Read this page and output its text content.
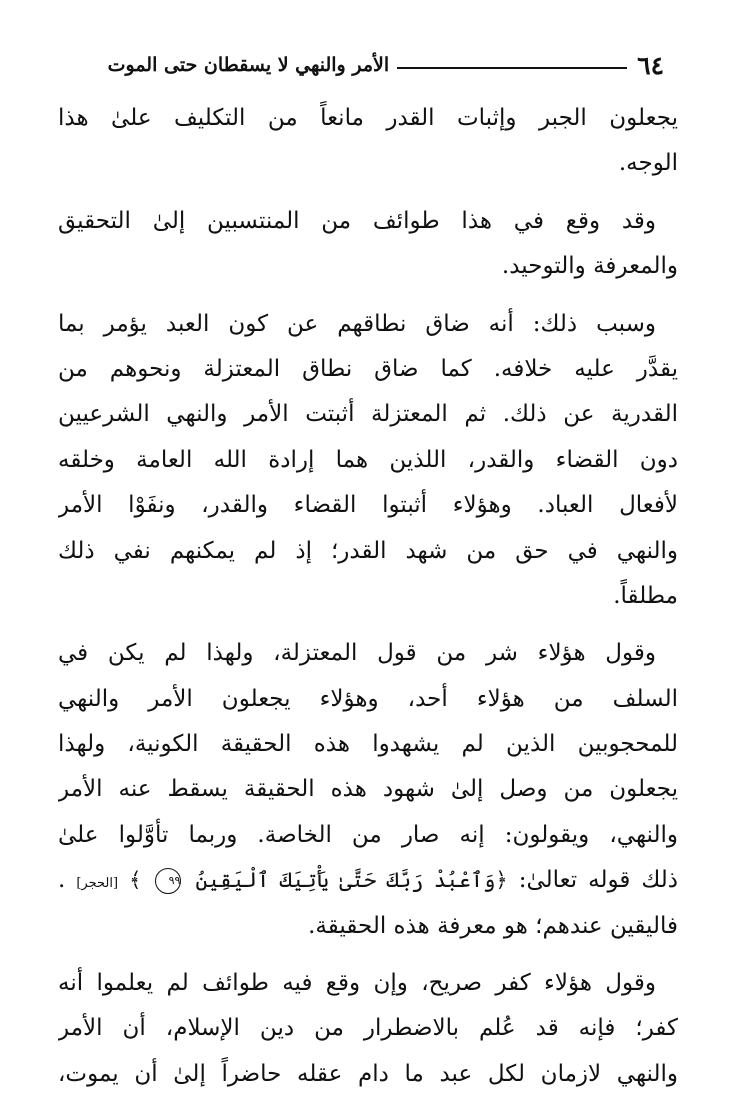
٦٤
الأمر والنهي لا يسقطان حتى الموت
يجعلون الجبر وإثبات القدر مانعاً من التكليف علىٰ هذا
الوجه.
وقد وقع في هذا طوائف من المنتسبين إلىٰ التحقيق
والمعرفة والتوحيد.
وسبب ذلك: أنه ضاق نطاقهم عن كون العبد يؤمر بما
يقدَّر عليه خلافه. كما ضاق نطاق المعتزلة ونحوهم من
القدرية عن ذلك. ثم المعتزلة أثبتت الأمر والنهي الشرعيين
دون القضاء والقدر، اللذين هما إرادة الله العامة وخلقه
لأفعال العباد. وهؤلاء أثبتوا القضاء والقدر، ونفَوْا الأمر
والنهي في حق من شهد القدر؛ إذ لم يمكنهم نفي ذلك
مطلقاً.
وقول هؤلاء شر من قول المعتزلة، ولهذا لم يكن في
السلف من هؤلاء أحد، وهؤلاء يجعلون الأمر والنهي
للمحجوبين الذين لم يشهدوا هذه الحقيقة الكونية، ولهذا
يجعلون من وصل إلىٰ شهود هذه الحقيقة يسقط عنه الأمر
والنهي، ويقولون: إنه صار من الخاصة. وربما تأوَّلوا علىٰ
ذلك قوله تعالىٰ: ﴿وَٱعْبُدْ رَبَّكَ حَتَّىٰ يَأْتِيَكَ ٱلْيَقِينُ ٩٩ ﴾ [الحجر] .
فاليقين عندهم؛ هو معرفة هذه الحقيقة.
وقول هؤلاء كفر صريح، وإن وقع فيه طوائف لم يعلموا أنه
كفر؛ فإنه قد عُلم بالاضطرار من دين الإسلام، أن الأمر
والنهي لازمان لكل عبد ما دام عقله حاضراً إلىٰ أن يموت،
